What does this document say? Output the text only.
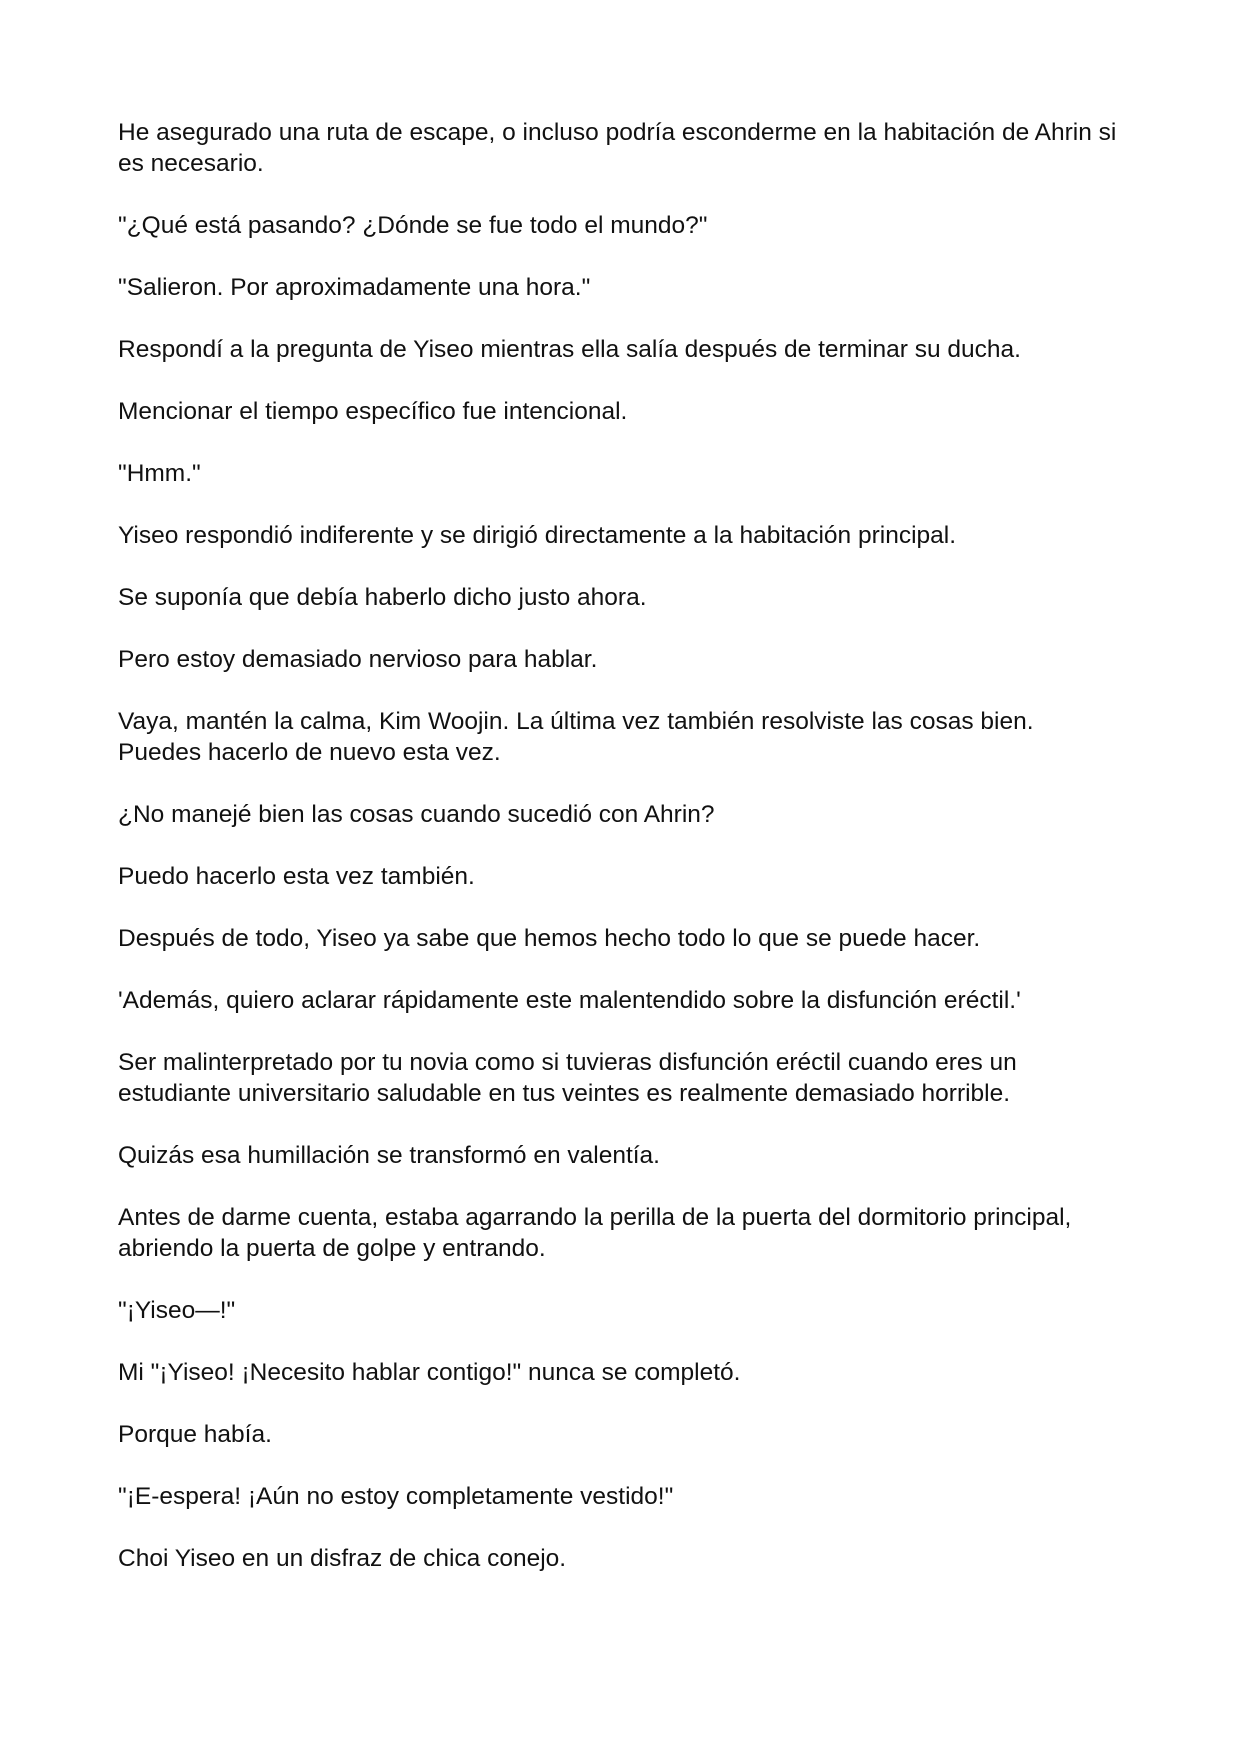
He asegurado una ruta de escape, o incluso podría esconderme en la habitación de Ahrin si es necesario.

"¿Qué está pasando? ¿Dónde se fue todo el mundo?"

"Salieron. Por aproximadamente una hora."

Respondí a la pregunta de Yiseo mientras ella salía después de terminar su ducha.

Mencionar el tiempo específico fue intencional.

"Hmm."

Yiseo respondió indiferente y se dirigió directamente a la habitación principal.

Se suponía que debía haberlo dicho justo ahora.

Pero estoy demasiado nervioso para hablar.

Vaya, mantén la calma, Kim Woojin. La última vez también resolviste las cosas bien. Puedes hacerlo de nuevo esta vez.

¿No manejé bien las cosas cuando sucedió con Ahrin?

Puedo hacerlo esta vez también.

Después de todo, Yiseo ya sabe que hemos hecho todo lo que se puede hacer.

'Además, quiero aclarar rápidamente este malentendido sobre la disfunción eréctil.'

Ser malinterpretado por tu novia como si tuvieras disfunción eréctil cuando eres un estudiante universitario saludable en tus veintes es realmente demasiado horrible.

Quizás esa humillación se transformó en valentía.

Antes de darme cuenta, estaba agarrando la perilla de la puerta del dormitorio principal, abriendo la puerta de golpe y entrando.

"¡Yiseo—!"

Mi "¡Yiseo! ¡Necesito hablar contigo!" nunca se completó.

Porque había.

"¡E-espera! ¡Aún no estoy completamente vestido!"

Choi Yiseo en un disfraz de chica conejo.
